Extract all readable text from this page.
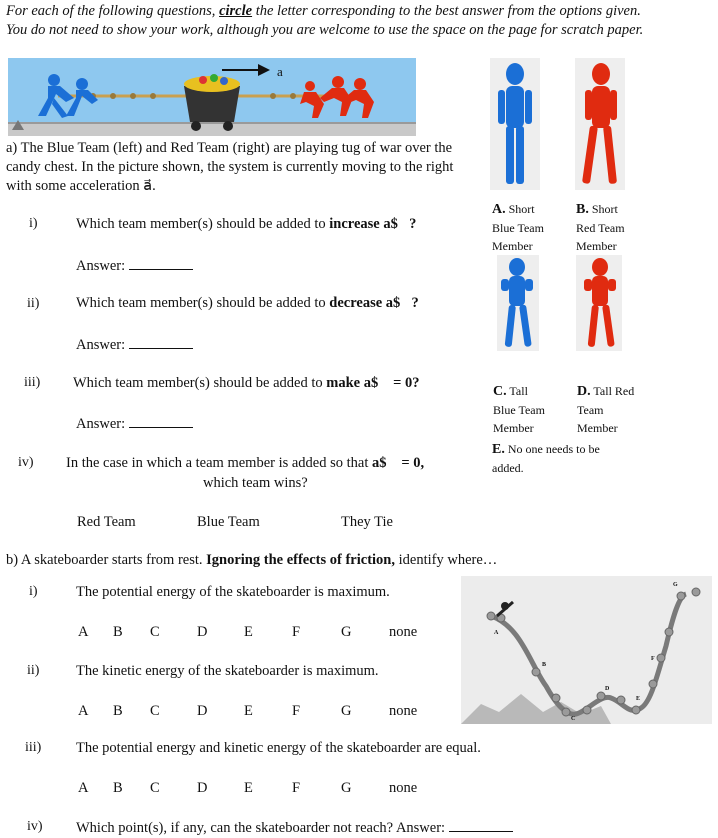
For each of the following questions, circle the letter corresponding to the best answer from the options given. You do not need to show your work, although you are welcome to use the space on the page for scratch paper.
a
a) The Blue Team (left) and Red Team (right) are playing tug of war over the candy chest. In the picture shown, the system is currently moving to the right with some acceleration a⃗.
i)	Which team member(s) should be added to increase a$⃗?
Answer:
ii)	Which team member(s) should be added to decrease a$⃗?
Answer:
iii) Which team member(s) should be added to make a$⃗ = 0?
Answer:
iv) In the case in which a team member is added so that a$⃗ = 0,
which team wins?
Red Team	Blue Team	They Tie
A. Short
Blue Team
Member
B. Short
Red Team
Member
C. Tall
Blue Team
Member
D. Tall Red
Team
Member
E. No one needs to be
added.
b) A skateboarder starts from rest. Ignoring the effects of friction, identify where…
i)	The potential energy of the skateboarder is maximum.
ii)	The kinetic energy of the skateboarder is maximum.
iii) The potential energy and kinetic energy of the skateboarder are equal.
iv) Which point(s), if any, can the skateboarder not reach? Answer:
A B C	D	E	F	G	none
A B C	D	E	F	G	none
A B C	D	E	F	G	none
A
B
C
D
E
F
G
